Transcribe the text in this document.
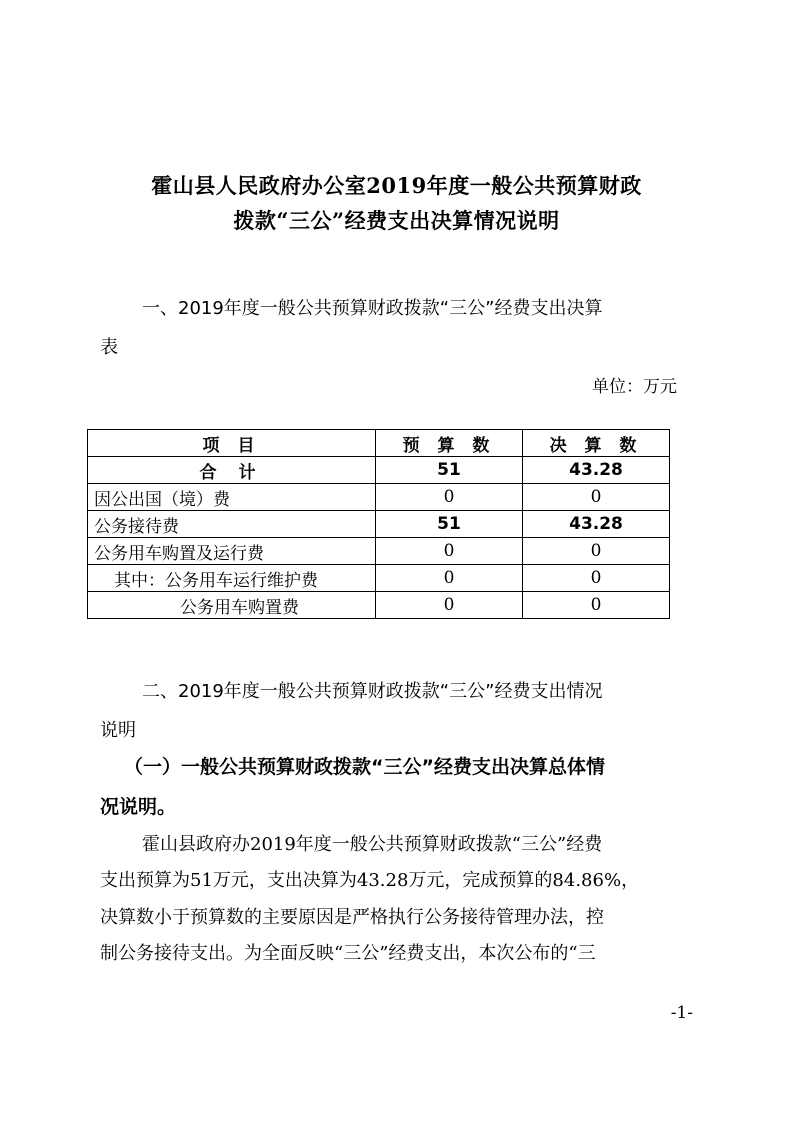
霍山县人民政府办公室2019年度一般公共预算财政
拨款“三公”经费支出决算情况说明
一、2019年度一般公共预算财政拨款“三公”经费支出决算
表
单位：万元
项 目	预 算 数	决 算 数
合 计	51	43.28
因公出国（境）费	0	0
公务接待费	51	43.28
公务用车购置及运行费	0	0
其中：公务用车运行维护费	0	0
公务用车购置费	0	0
二、2019年度一般公共预算财政拨款“三公”经费支出情况
说明
（一）一般公共预算财政拨款“三公”经费支出决算总体情
况说明。
霍山县政府办2019年度一般公共预算财政拨款“三公”经费
支出预算为51万元，支出决算为43.28万元，完成预算的84.86%，
决算数小于预算数的主要原因是严格执行公务接待管理办法，控
制公务接待支出。为全面反映“三公”经费支出，本次公布的“三
-1-
